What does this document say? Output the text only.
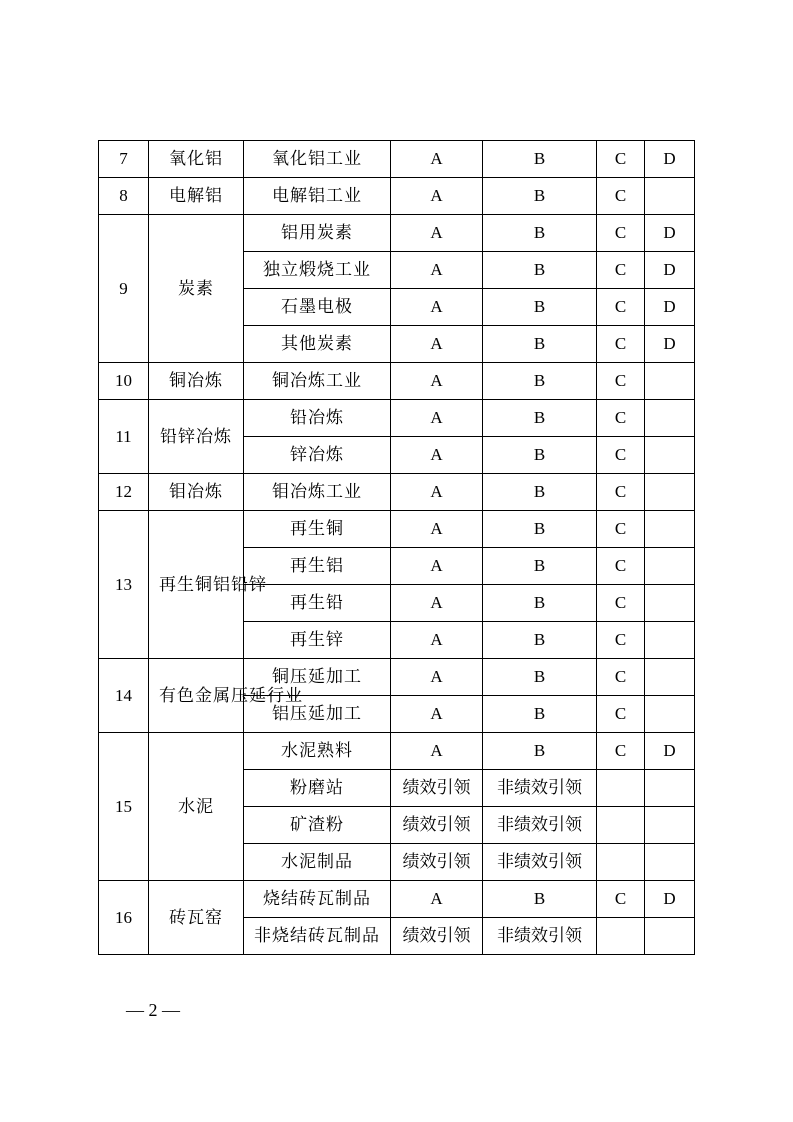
7	氧化铝	氧化铝工业	A	B	C	D
8	电解铝	电解铝工业	A	B	C	
9	炭素	铝用炭素	A	B	C	D
		独立煅烧工业	A	B	C	D
		石墨电极	A	B	C	D
		其他炭素	A	B	C	D
10	铜冶炼	铜冶炼工业	A	B	C	
11	铅锌冶炼	铅冶炼	A	B	C	
		锌冶炼	A	B	C	
12	钼冶炼	钼冶炼工业	A	B	C	
13	再生铜铝铅锌	再生铜	A	B	C	
		再生铝	A	B	C	
		再生铅	A	B	C	
		再生锌	A	B	C	
14	有色金属压延行业	铜压延加工	A	B	C	
		铝压延加工	A	B	C	
15	水泥	水泥熟料	A	B	C	D
		粉磨站	绩效引领	非绩效引领		
		矿渣粉	绩效引领	非绩效引领		
		水泥制品	绩效引领	非绩效引领		
16	砖瓦窑	烧结砖瓦制品	A	B	C	D
		非烧结砖瓦制品	绩效引领	非绩效引领		
— 2 —
